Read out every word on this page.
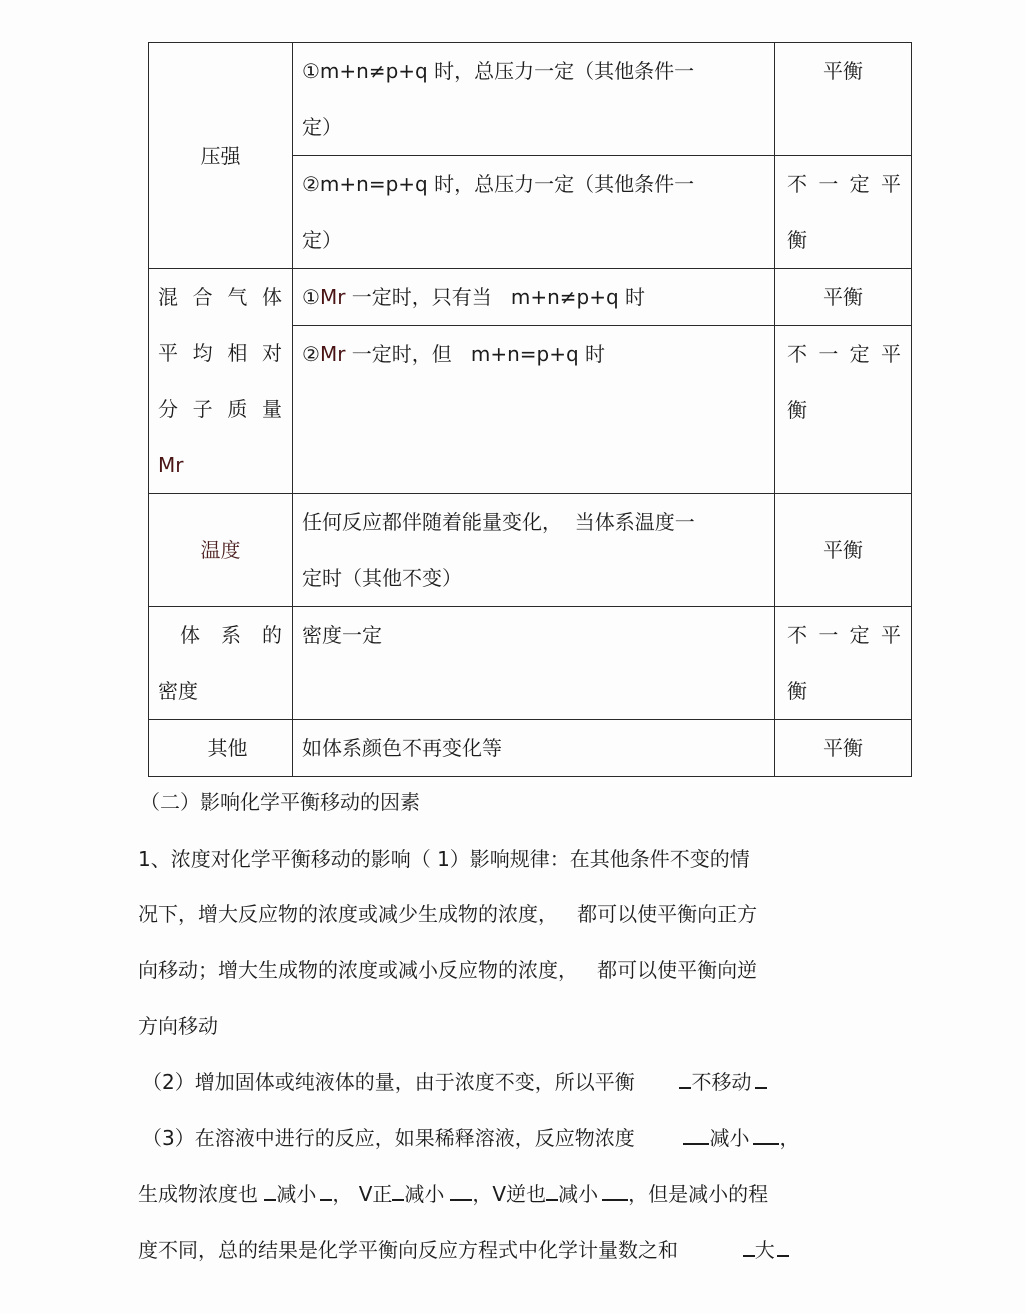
压强	①m+n≠p+q 时，总压力一定（其他条件一
定）	平衡

	②m+n=p+q 时，总压力一定（其他条件一
定）	不 一 定 平
衡

混 合 气 体
平 均 相 对
分 子 质 量
Mr	①Mr 一定时，只有当   m+n≠p+q 时	平衡
	②Mr 一定时，但   m+n=p+q 时	不 一 定 平
衡

温度	任何反应都伴随着能量变化，  当体系温度一
定时（其他不变）	平衡

体 系 的
密度	密度一定	不 一 定 平
衡

其他	如体系颜色不再变化等	平衡
（二）影响化学平衡移动的因素
1、浓度对化学平衡移动的影响（ 1）影响规律：在其他条件不变的情
况下，增大反应物的浓度或减少生成物的浓度，   都可以使平衡向正方
向移动；增大生成物的浓度或减小反应物的浓度，   都可以使平衡向逆
方向移动
（2）增加固体或纯液体的量，由于浓度不变，所以平衡	不移动
（3）在溶液中进行的反应，如果稀释溶液，反应物浓度	减小 ，
生成物浓度也 减小 ， V正 减小 ，V逆也 减小 ，但是减小的程
度不同，总的结果是化学平衡向反应方程式中化学计量数之和	大
